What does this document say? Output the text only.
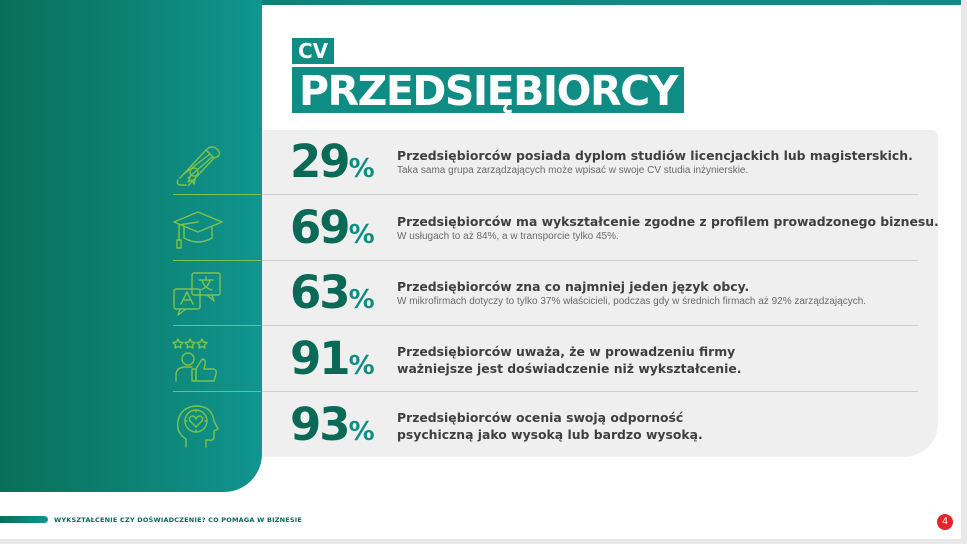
CV
PRZEDSIĘBIORCY
29% Przedsiębiorców posiada dyplom studiów licencjackich lub magisterskich.
Taka sama grupa zarządzających może wpisać w swoje CV studia inżynierskie.
69% Przedsiębiorców ma wykształcenie zgodne z profilem prowadzonego biznesu.
W usługach to aż 84%, a w transporcie tylko 45%.
63% Przedsiębiorców zna co najmniej jeden język obcy.
W mikrofirmach dotyczy to tylko 37% właścicieli, podczas gdy w średnich firmach aż 92% zarządzających.
91% Przedsiębiorców uważa, że w prowadzeniu firmy
ważniejsze jest doświadczenie niż wykształcenie.
93% Przedsiębiorców ocenia swoją odporność
psychiczną jako wysoką lub bardzo wysoką.
WYKSZTAŁCENIE CZY DOŚWIADCZENIE? CO POMAGA W BIZNESIE	4
